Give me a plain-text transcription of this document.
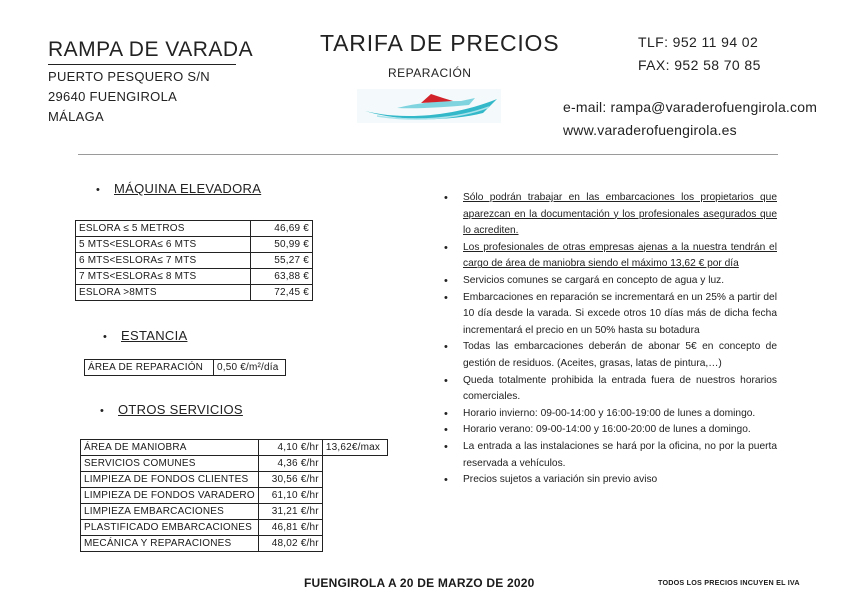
RAMPA DE VARADA
PUERTO PESQUERO S/N
29640 FUENGIROLA
MÁLAGA
TARIFA DE PRECIOS
REPARACIÓN
TLF: 952 11 94 02
FAX: 952 58 70 85
e-mail: rampa@varaderofuengirola.com
www.varaderofuengirola.es
• MÁQUINA ELEVADORA
ESLORA ≤ 5 METROS	46,69 €
5 MTS<ESLORA≤ 6 MTS	50,99 €
6 MTS<ESLORA≤ 7 MTS	55,27 €
7 MTS<ESLORA≤ 8 MTS	63,88 €
ESLORA >8MTS	72,45 €
• ESTANCIA
ÁREA DE REPARACIÓN	0,50 €/m²/día
• OTROS SERVICIOS
ÁREA DE MANIOBRA	4,10 €/hr	13,62€/max
SERVICIOS COMUNES	4,36 €/hr	
LIMPIEZA DE FONDOS CLIENTES	30,56 €/hr	
LIMPIEZA DE FONDOS VARADERO	61,10 €/hr	
LIMPIEZA EMBARCACIONES	31,21 €/hr	
PLASTIFICADO EMBARCACIONES	46,81 €/hr	
MECÁNICA Y REPARACIONES	48,02 €/hr	
• Sólo podrán trabajar en las embarcaciones los propietarios que aparezcan en la documentación y los profesionales asegurados que lo acrediten.
• Los profesionales de otras empresas ajenas a la nuestra tendrán el cargo de área de maniobra siendo el máximo 13,62 € por día
• Servicios comunes se cargará en concepto de agua y luz.
• Embarcaciones en reparación se incrementará en un 25% a partir del 10 día desde la varada. Si excede otros 10 días más de dicha fecha incrementará el precio en un 50% hasta su botadura
• Todas las embarcaciones deberán de abonar 5€ en concepto de gestión de residuos. (Aceites, grasas, latas de pintura,…)
• Queda totalmente prohibida la entrada fuera de nuestros horarios comerciales.
• Horario invierno: 09-00-14:00 y 16:00-19:00 de lunes a domingo.
• Horario verano: 09-00-14:00 y 16:00-20:00 de lunes a domingo.
• La entrada a las instalaciones se hará por la oficina, no por la puerta reservada a vehículos.
• Precios sujetos a variación sin previo aviso
FUENGIROLA A 20 DE MARZO DE 2020	TODOS LOS PRECIOS INCUYEN EL IVA
